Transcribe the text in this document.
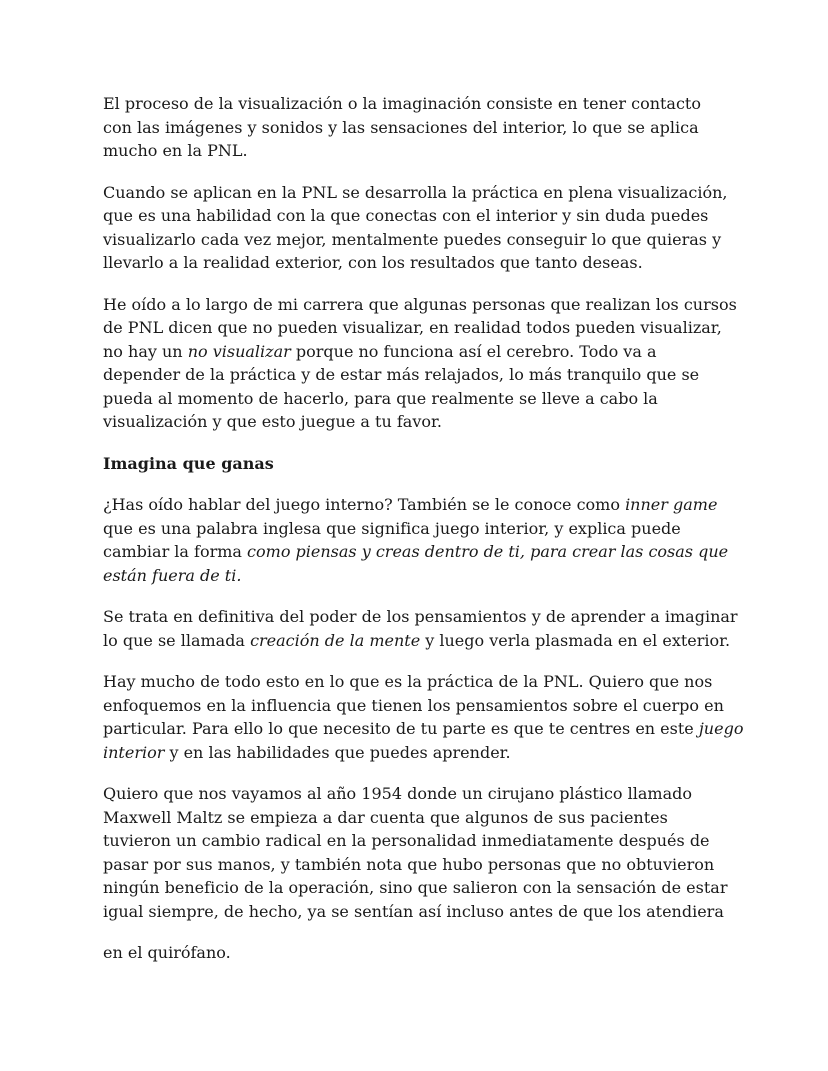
El proceso de la visualización o la imaginación consiste en tener contacto
con las imágenes y sonidos y las sensaciones del interior, lo que se aplica
mucho en la PNL.

Cuando se aplican en la PNL se desarrolla la práctica en plena visualización,
que es una habilidad con la que conectas con el interior y sin duda puedes
visualizarlo cada vez mejor, mentalmente puedes conseguir lo que quieras y
llevarlo a la realidad exterior, con los resultados que tanto deseas.

He oído a lo largo de mi carrera que algunas personas que realizan los cursos
de PNL dicen que no pueden visualizar, en realidad todos pueden visualizar,
no hay un no visualizar porque no funciona así el cerebro. Todo va a
depender de la práctica y de estar más relajados, lo más tranquilo que se
pueda al momento de hacerlo, para que realmente se lleve a cabo la
visualización y que esto juegue a tu favor.

Imagina que ganas

¿Has oído hablar del juego interno? También se le conoce como inner game
que es una palabra inglesa que significa juego interior, y explica puede
cambiar la forma como piensas y creas dentro de ti, para crear las cosas que
están fuera de ti.

Se trata en definitiva del poder de los pensamientos y de aprender a imaginar
lo que se llamada creación de la mente y luego verla plasmada en el exterior.

Hay mucho de todo esto en lo que es la práctica de la PNL. Quiero que nos
enfoquemos en la influencia que tienen los pensamientos sobre el cuerpo en
particular. Para ello lo que necesito de tu parte es que te centres en este juego
interior y en las habilidades que puedes aprender.

Quiero que nos vayamos al año 1954 donde un cirujano plástico llamado
Maxwell Maltz se empieza a dar cuenta que algunos de sus pacientes
tuvieron un cambio radical en la personalidad inmediatamente después de
pasar por sus manos, y también nota que hubo personas que no obtuvieron
ningún beneficio de la operación, sino que salieron con la sensación de estar
igual siempre, de hecho, ya se sentían así incluso antes de que los atendiera

en el quirófano.
